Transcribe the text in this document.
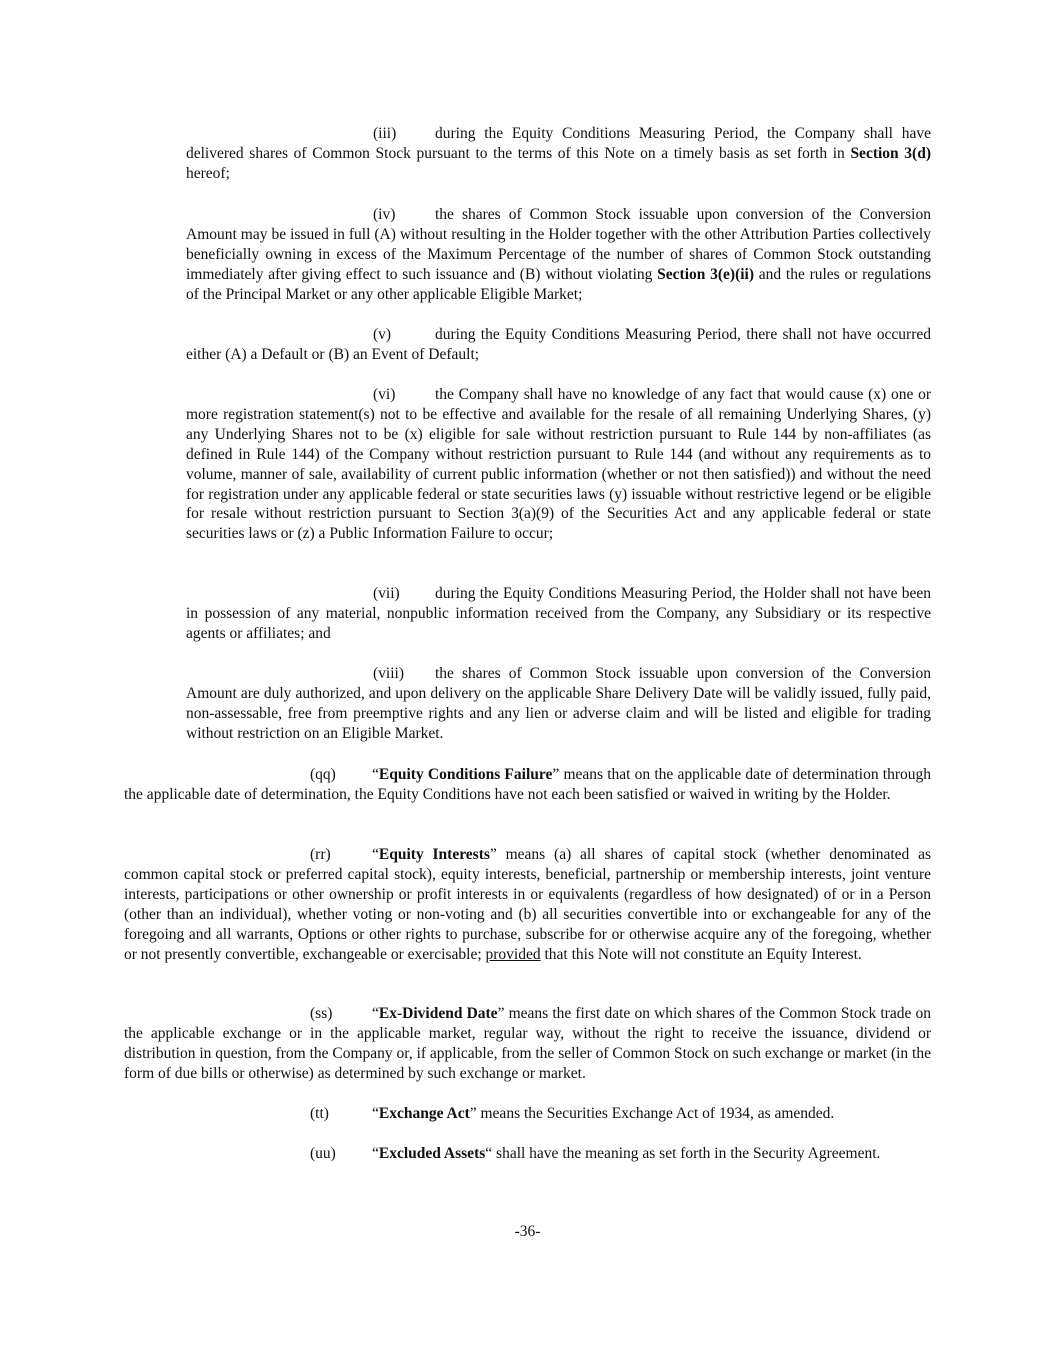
(iii)	during the Equity Conditions Measuring Period, the Company shall have delivered shares of Common Stock pursuant to the terms of this Note on a timely basis as set forth in Section 3(d) hereof;

(iv)	the shares of Common Stock issuable upon conversion of the Conversion Amount may be issued in full (A) without resulting in the Holder together with the other Attribution Parties collectively beneficially owning in excess of the Maximum Percentage of the number of shares of Common Stock outstanding immediately after giving effect to such issuance and (B) without violating Section 3(e)(ii) and the rules or regulations of the Principal Market or any other applicable Eligible Market;

(v)	during the Equity Conditions Measuring Period, there shall not have occurred either (A) a Default or (B) an Event of Default;

(vi)	the Company shall have no knowledge of any fact that would cause (x) one or more registration statement(s) not to be effective and available for the resale of all remaining Underlying Shares, (y) any Underlying Shares not to be (x) eligible for sale without restriction pursuant to Rule 144 by non-affiliates (as defined in Rule 144) of the Company without restriction pursuant to Rule 144 (and without any requirements as to volume, manner of sale, availability of current public information (whether or not then satisfied)) and without the need for registration under any applicable federal or state securities laws (y) issuable without restrictive legend or be eligible for resale without restriction pursuant to Section 3(a)(9) of the Securities Act and any applicable federal or state securities laws or (z) a Public Information Failure to occur;

(vii) during the Equity Conditions Measuring Period, the Holder shall not have been in possession of any material, nonpublic information received from the Company, any Subsidiary or its respective agents or affiliates; and

(viii) the shares of Common Stock issuable upon conversion of the Conversion Amount are duly authorized, and upon delivery on the applicable Share Delivery Date will be validly issued, fully paid, non-assessable, free from preemptive rights and any lien or adverse claim and will be listed and eligible for trading without restriction on an Eligible Market.

(qq) “Equity Conditions Failure” means that on the applicable date of determination through the applicable date of determination, the Equity Conditions have not each been satisfied or waived in writing by the Holder.

(rr)	“Equity Interests” means (a) all shares of capital stock (whether denominated as common capital stock or preferred capital stock), equity interests, beneficial, partnership or membership interests, joint venture interests, participations or other ownership or profit interests in or equivalents (regardless of how designated) of or in a Person (other than an individual), whether voting or non-voting and (b) all securities convertible into or exchangeable for any of the foregoing and all warrants, Options or other rights to purchase, subscribe for or otherwise acquire any of the foregoing, whether or not presently convertible, exchangeable or exercisable; provided that this Note will not constitute an Equity Interest.

(ss)	“Ex-Dividend Date” means the first date on which shares of the Common Stock trade on the applicable exchange or in the applicable market, regular way, without the right to receive the issuance, dividend or distribution in question, from the Company or, if applicable, from the seller of Common Stock on such exchange or market (in the form of due bills or otherwise) as determined by such exchange or market.

(tt)	“Exchange Act” means the Securities Exchange Act of 1934, as amended.

(uu) “Excluded Assets“ shall have the meaning as set forth in the Security Agreement.

-36-
